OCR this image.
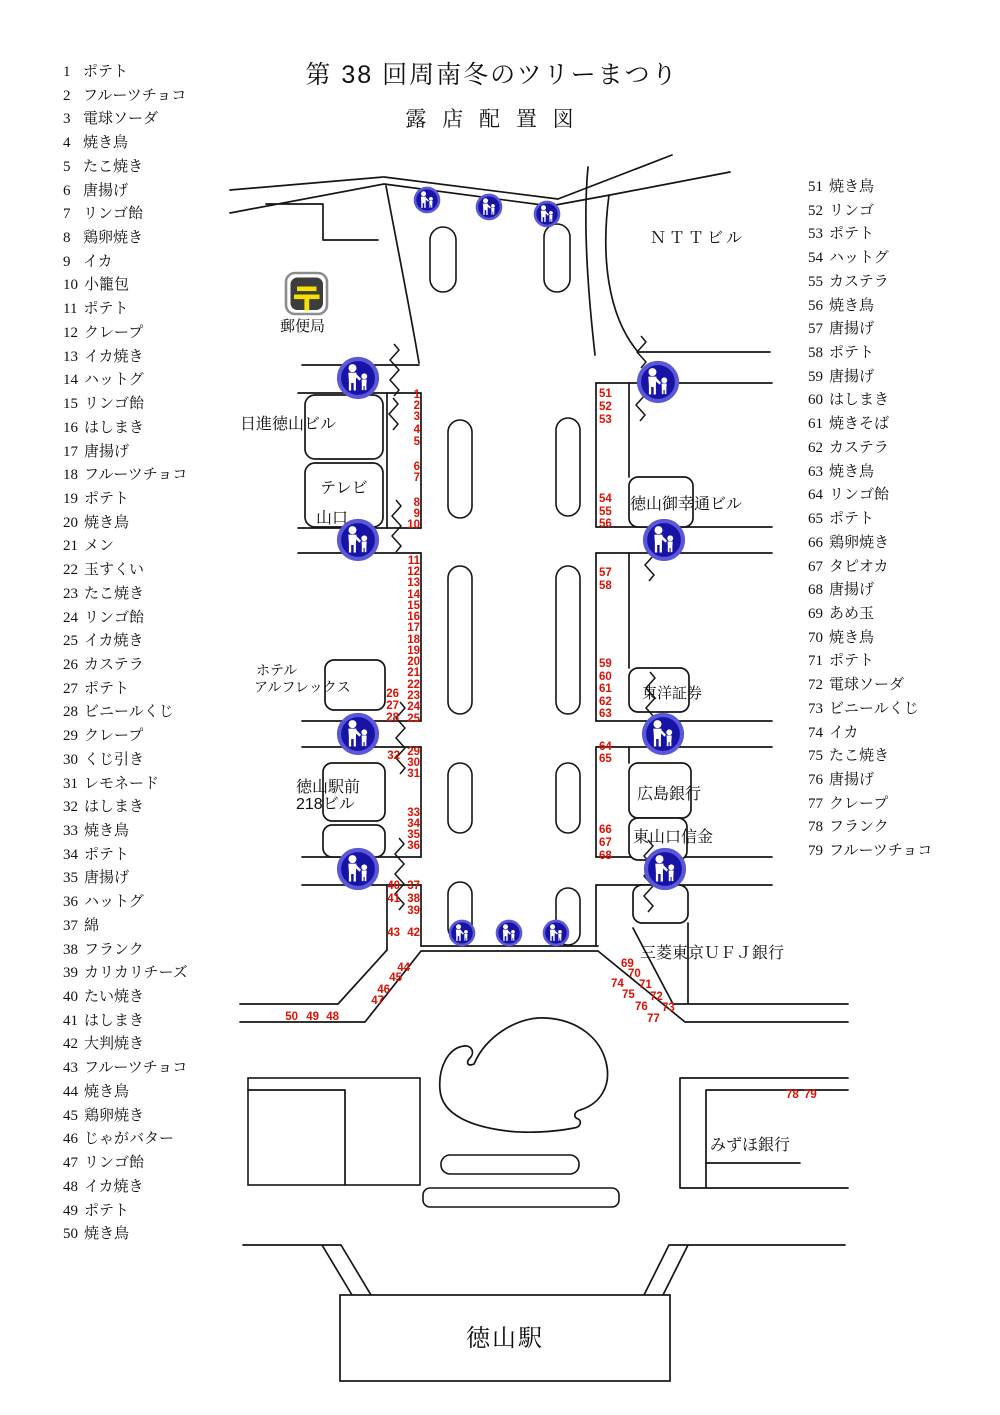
第 38 回周南冬のツリーまつり
露 店 配 置 図
1 ポテト
2 フルーツチョコ
3 電球ソーダ
4 焼き鳥
5 たこ焼き
6 唐揚げ
7 リンゴ飴
8 鶏卵焼き
9 イカ
10 小籠包
11 ポテト
12 クレープ
13 イカ焼き
14 ハットグ
15 リンゴ飴
16 はしまき
17 唐揚げ
18 フルーツチョコ
19 ポテト
20 焼き鳥
21 メン
22 玉すくい
23 たこ焼き
24 リンゴ飴
25 イカ焼き
26 カステラ
27 ポテト
28 ビニールくじ
29 クレープ
30 くじ引き
31 レモネード
32 はしまき
33 焼き鳥
34 ポテト
35 唐揚げ
36 ハットグ
37 綿
38 フランク
39 カリカリチーズ
40 たい焼き
41 はしまき
42 大判焼き
43 フルーツチョコ
44 焼き鳥
45 鶏卵焼き
46 じゃがバター
47 リンゴ飴
48 イカ焼き
49 ポテト
50 焼き鳥
51 焼き鳥
52 リンゴ
53 ポテト
54 ハットグ
55 カステラ
56 焼き鳥
57 唐揚げ
58 ポテト
59 唐揚げ
60 はしまき
61 焼きそば
62 カステラ
63 焼き鳥
64 リンゴ飴
65 ポテト
66 鶏卵焼き
67 タピオカ
68 唐揚げ
69 あめ玉
70 焼き鳥
71 ポテト
72 電球ソーダ
73 ビニールくじ
74 イカ
75 たこ焼き
76 唐揚げ
77 クレープ
78 フランク
79 フルーツチョコ
1
2
3
4
5
6
7
8
9
10
11
12
13
14
15
16
17
18
19
20
21
22
23
24
25
26
27
28
29
30
31
32
33
34
35
36
37
38
39
40
41
42
43
44
45
46
47
50 49 48
51
52
53
54
55
56
57
58
59
60
61
62
63
64
65
66
67
68
69
70
71
72
73
74
75
76
77
78 79
ＮＴＴビル
郵便局
日進徳山ビル
テレビ
山口
ホテル
アルフレックス
徳山御幸通ビル
東洋証券
広島銀行
東山口信金
徳山駅前
218ビル
三菱東京ＵＦＪ銀行
みずほ銀行
徳山駅
